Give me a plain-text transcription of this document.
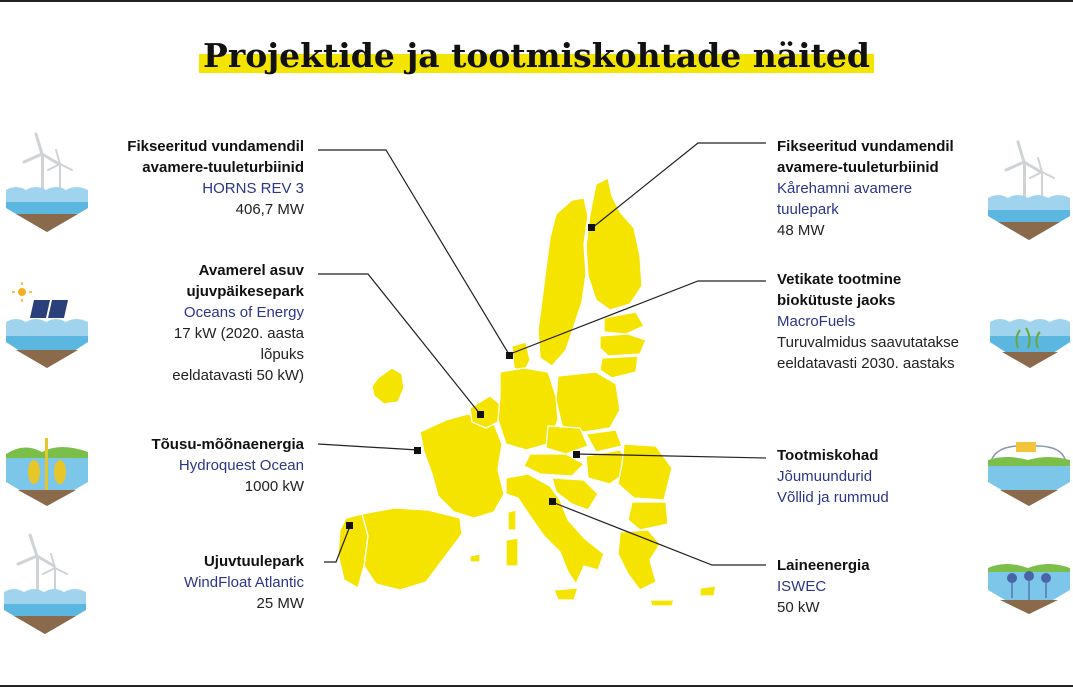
Projektide ja tootmiskohtade näited
Fikseeritud vundamendil
avamere-tuuleturbiinid
HORNS REV 3
406,7 MW
Avamerel asuv
ujuvpäikesepark
Oceans of Energy
17 kW (2020. aasta
lõpuks
eeldatavasti 50 kW)
Tõusu-mõõnaenergia
Hydroquest Ocean
1000 kW
Ujuvtuulepark
WindFloat Atlantic
25 MW
Fikseeritud vundamendil
avamere-tuuleturbiinid
Kårehamni avamere
tuulepark
48 MW
Vetikate tootmine
biokütuste jaoks
MacroFuels
Turuvalmidus saavutatakse
eeldatavasti 2030. aastaks
Tootmiskohad
Jõumuundurid
Võllid ja rummud
Laineenergia
ISWEC
50 kW
